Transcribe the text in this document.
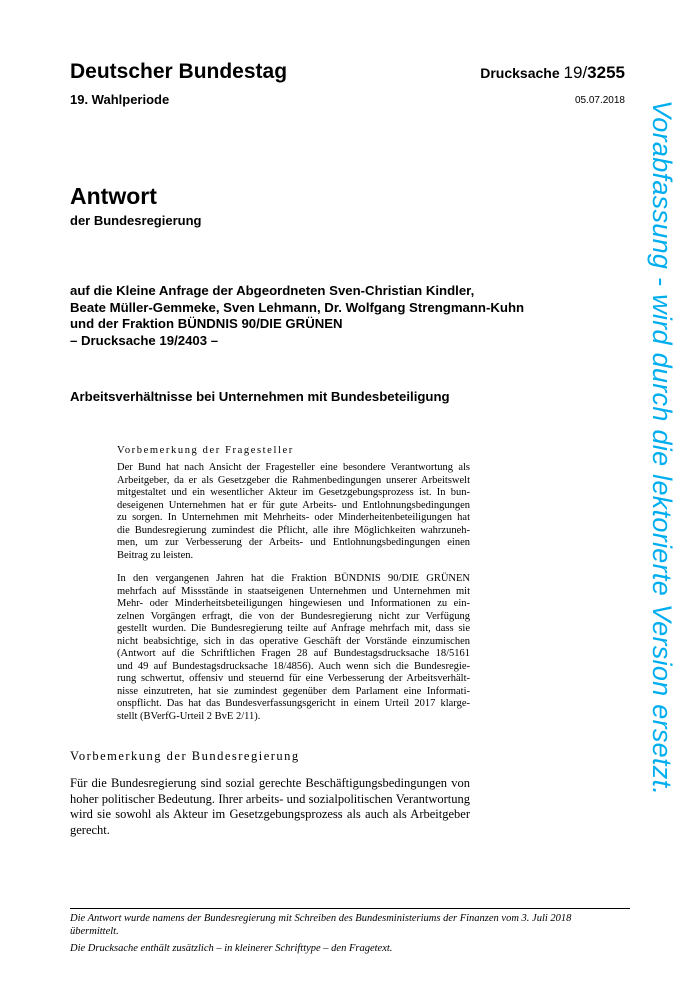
Deutscher Bundestag
19. Wahlperiode
Drucksache 19/3255
05.07.2018
Antwort
der Bundesregierung
auf die Kleine Anfrage der Abgeordneten Sven-Christian Kindler,
Beate Müller-Gemmeke, Sven Lehmann, Dr. Wolfgang Strengmann-Kuhn
und der Fraktion BÜNDNIS 90/DIE GRÜNEN
– Drucksache 19/2403 –
Arbeitsverhältnisse bei Unternehmen mit Bundesbeteiligung
Vorbemerkung der Fragesteller
Der Bund hat nach Ansicht der Fragesteller eine besondere Verantwortung als
Arbeitgeber, da er als Gesetzgeber die Rahmenbedingungen unserer Arbeitswelt
mitgestaltet und ein wesentlicher Akteur im Gesetzgebungsprozess ist. In bun-
deseigenen Unternehmen hat er für gute Arbeits- und Entlohnungsbedingungen
zu sorgen. In Unternehmen mit Mehrheits- oder Minderheitenbeteiligungen hat
die Bundesregierung zumindest die Pflicht, alle ihre Möglichkeiten wahrzuneh-
men, um zur Verbesserung der Arbeits- und Entlohnungsbedingungen einen
Beitrag zu leisten.
In den vergangenen Jahren hat die Fraktion BÜNDNIS 90/DIE GRÜNEN
mehrfach auf Missstände in staatseigenen Unternehmen und Unternehmen mit
Mehr- oder Minderheitsbeteiligungen hingewiesen und Informationen zu ein-
zelnen Vorgängen erfragt, die von der Bundesregierung nicht zur Verfügung
gestellt wurden. Die Bundesregierung teilte auf Anfrage mehrfach mit, dass sie
nicht beabsichtige, sich in das operative Geschäft der Vorstände einzumischen
(Antwort auf die Schriftlichen Fragen 28 auf Bundestagsdrucksache 18/5161
und 49 auf Bundestagsdrucksache 18/4856). Auch wenn sich die Bundesregie-
rung schwertut, offensiv und steuernd für eine Verbesserung der Arbeitsverhält-
nisse einzutreten, hat sie zumindest gegenüber dem Parlament eine Informati-
onspflicht. Das hat das Bundesverfassungsgericht in einem Urteil 2017 klarge-
stellt (BVerfG-Urteil 2 BvE 2/11).
Vorbemerkung der Bundesregierung
Für die Bundesregierung sind sozial gerechte Beschäftigungsbedingungen von
hoher politischer Bedeutung. Ihrer arbeits- und sozialpolitischen Verantwortung
wird sie sowohl als Akteur im Gesetzgebungsprozess als auch als Arbeitgeber
gerecht.
Die Antwort wurde namens der Bundesregierung mit Schreiben des Bundesministeriums der Finanzen vom 3. Juli 2018
übermittelt.
Die Drucksache enthält zusätzlich – in kleinerer Schrifttype – den Fragetext.
Vorabfassung - wird durch die lektorierte Version ersetzt.
